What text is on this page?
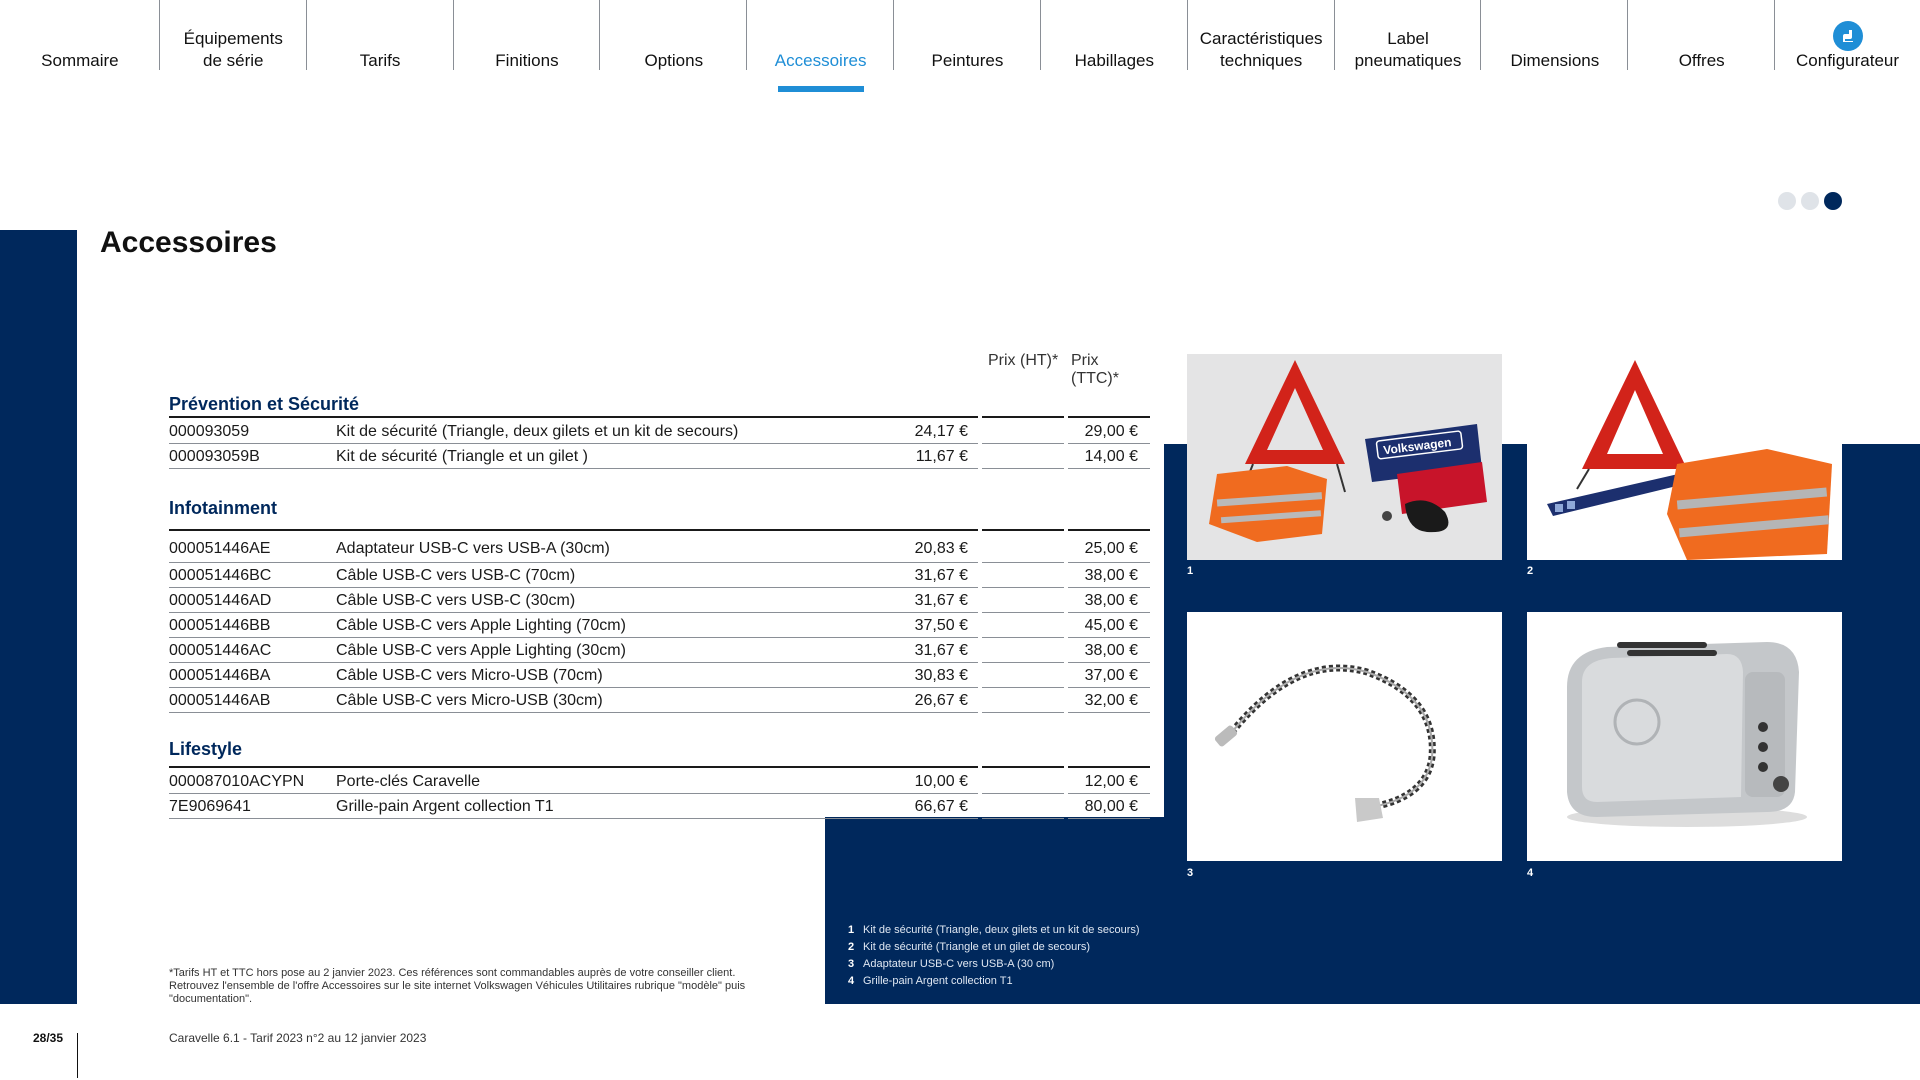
Sommaire
Équipements
de série	Tarifs	Finitions	Options	Accessoires	Peintures	Habillages
Caractéristiques
techniques
Label
pneumatiques	Dimensions	Offres	Configurateur
Accessoires
Prix (HT)* Prix (TTC)*
Prévention et Sécurité
000093059	Kit de sécurité (Triangle, deux gilets et un kit de secours)	24,17 €	29,00 €
000093059B	Kit de sécurité (Triangle et un gilet )	11,67 €	14,00 €
Infotainment
000051446AE	Adaptateur USB-C vers USB-A (30cm)	20,83 €	25,00 €
000051446BC	Câble USB-C vers USB-C (70cm)	31,67 €	38,00 €
000051446AD	Câble USB-C vers USB-C (30cm)	31,67 €	38,00 €
000051446BB	Câble USB-C vers Apple Lighting (70cm)	37,50 €	45,00 €
000051446AC	Câble USB-C vers Apple Lighting (30cm)	31,67 €	38,00 €
000051446BA	Câble USB-C vers Micro-USB (70cm)	30,83 €	37,00 €
000051446AB	Câble USB-C vers Micro-USB (30cm)	26,67 €	32,00 €
Lifestyle
000087010ACYPN Porte-clés Caravelle	10,00 €	12,00 €
7E9069641	Grille-pain Argent collection T1	66,67 €	80,00 €
Volkswagen
1	2
3	4
1 Kit de sécurité (Triangle, deux gilets et un kit de secours)
2 Kit de sécurité (Triangle et un gilet de secours)
3 Adaptateur USB-C vers USB-A (30 cm)
4 Grille-pain Argent collection T1
*Tarifs HT et TTC hors pose au 2 janvier 2023. Ces références sont commandables auprès de votre conseiller client.
Retrouvez l'ensemble de l'offre Accessoires sur le site internet Volkswagen Véhicules Utilitaires rubrique "modèle" puis
"documentation".
28/35	Caravelle 6.1 - Tarif 2023 n°2 au 12 janvier 2023
